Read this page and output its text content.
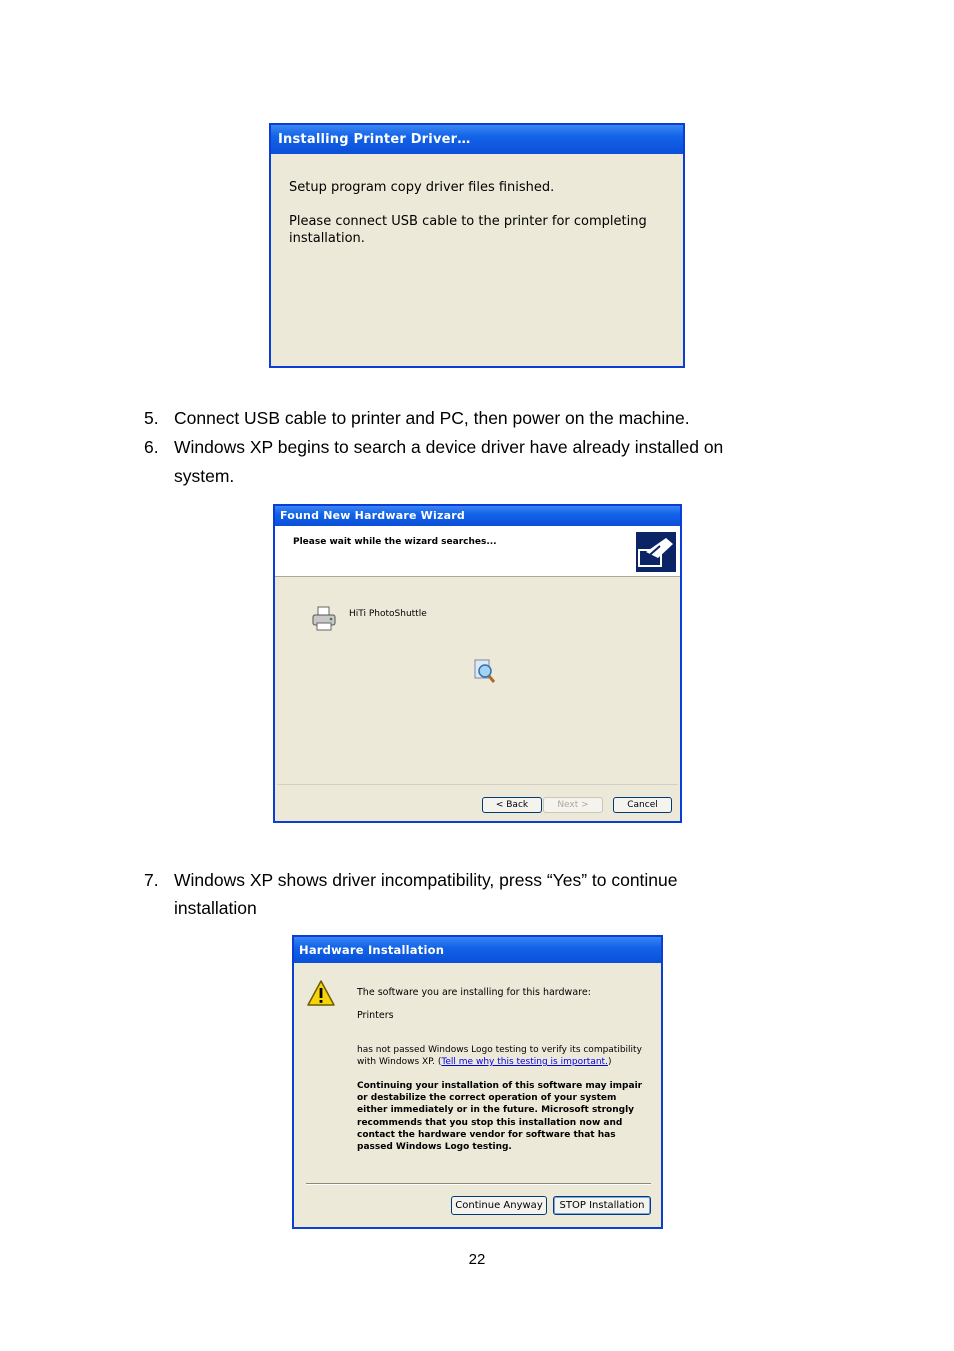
Installing Printer Driver…
Setup program copy driver files finished.
Please connect USB cable to the printer for completing
installation.
5. Connect USB cable to printer and PC, then power on the machine.
6. Windows XP begins to search a device driver have already installed on
system.
Found New Hardware Wizard
Please wait while the wizard searches...
HiTi PhotoShuttle
< Back	Next >	Cancel
7. Windows XP shows driver incompatibility, press “Yes” to continue
installation
Hardware Installation
The software you are installing for this hardware:
Printers
has not passed Windows Logo testing to verify its compatibility
with Windows XP. (Tell me why this testing is important.)
Continuing your installation of this software may impair
or destabilize the correct operation of your system
either immediately or in the future. Microsoft strongly
recommends that you stop this installation now and
contact the hardware vendor for software that has
passed Windows Logo testing.
Continue Anyway	STOP Installation
22
